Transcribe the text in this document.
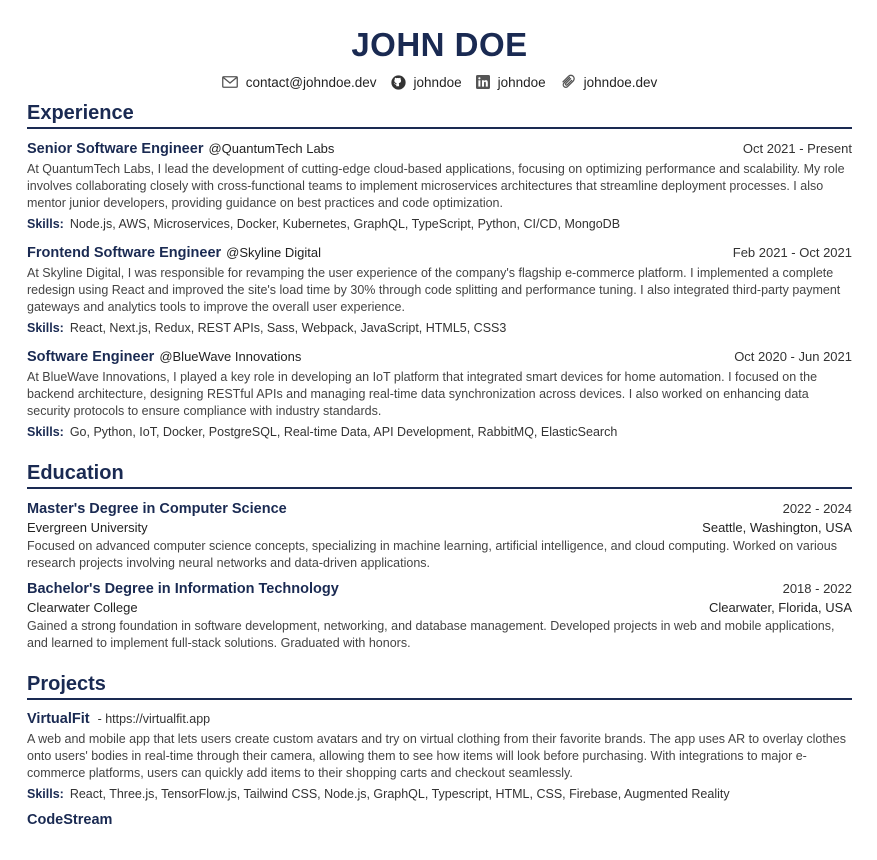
JOHN DOE
contact@johndoe.dev	johndoe	johndoe	johndoe.dev
Experience
Senior Software Engineer @QuantumTech Labs	Oct 2021 - Present

At QuantumTech Labs, I lead the development of cutting-edge cloud-based applications, focusing on optimizing performance and scalability. My role involves collaborating closely with cross-functional teams to implement microservices architectures that streamline deployment processes. I also mentor junior developers, providing guidance on best practices and code optimization.

Skills: Node.js, AWS, Microservices, Docker, Kubernetes, GraphQL, TypeScript, Python, CI/CD, MongoDB

Frontend Software Engineer @Skyline Digital	Feb 2021 - Oct 2021

At Skyline Digital, I was responsible for revamping the user experience of the company's flagship e-commerce platform. I implemented a complete redesign using React and improved the site's load time by 30% through code splitting and performance tuning. I also integrated third-party payment gateways and analytics tools to improve the overall user experience.

Skills: React, Next.js, Redux, REST APIs, Sass, Webpack, JavaScript, HTML5, CSS3

Software Engineer @BlueWave Innovations	Oct 2020 - Jun 2021

At BlueWave Innovations, I played a key role in developing an IoT platform that integrated smart devices for home automation. I focused on the backend architecture, designing RESTful APIs and managing real-time data synchronization across devices. I also worked on enhancing data security protocols to ensure compliance with industry standards.

Skills: Go, Python, IoT, Docker, PostgreSQL, Real-time Data, API Development, RabbitMQ, ElasticSearch

Education
Master's Degree in Computer Science	2022 - 2024
Evergreen University	Seattle, Washington, USA

Focused on advanced computer science concepts, specializing in machine learning, artificial intelligence, and cloud computing. Worked on various research projects involving neural networks and data-driven applications.

Bachelor's Degree in Information Technology	2018 - 2022
Clearwater College	Clearwater, Florida, USA

Gained a strong foundation in software development, networking, and database management. Developed projects in web and mobile applications, and learned to implement full-stack solutions. Graduated with honors.

Projects
VirtualFit - https://virtualfit.app

A web and mobile app that lets users create custom avatars and try on virtual clothing from their favorite brands. The app uses AR to overlay clothes onto users' bodies in real-time through their camera, allowing them to see how items will look before purchasing. With integrations to major e-commerce platforms, users can quickly add items to their shopping carts and checkout seamlessly.

Skills: React, Three.js, TensorFlow.js, Tailwind CSS, Node.js, GraphQL, Typescript, HTML, CSS, Firebase, Augmented Reality

CodeStream
